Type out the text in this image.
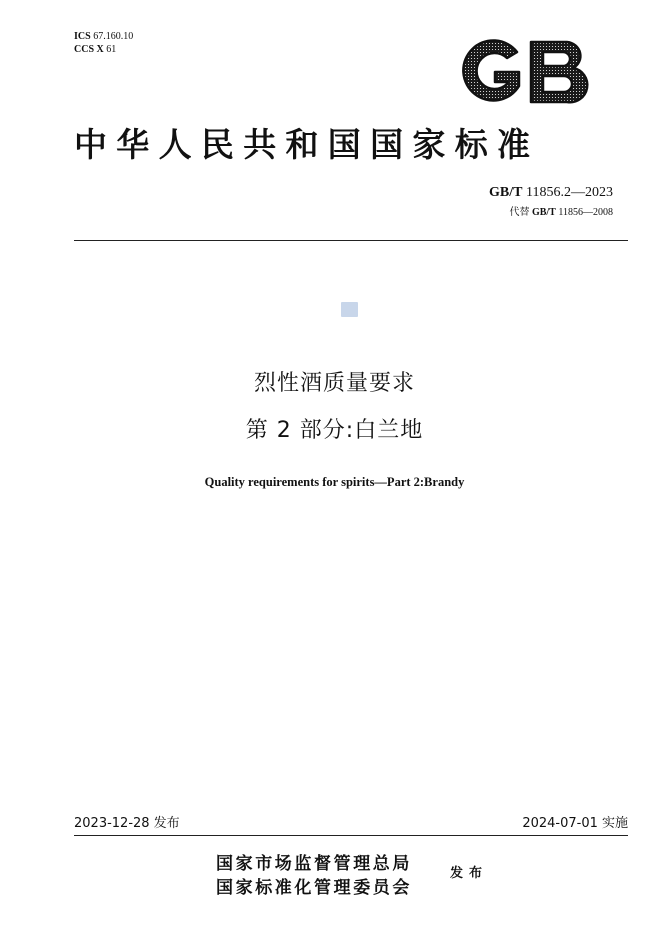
ICS 67.160.10
CCS X 61
中华人民共和国国家标准
GB/T 11856.2—2023
代替 GB/T 11856—2008
烈性酒质量要求
第 2 部分:白兰地
Quality requirements for spirits—Part 2:Brandy
2023-12-28 发布	2024-07-01 实施
国家市场监督管理总局
国家标准化管理委员会
发布
